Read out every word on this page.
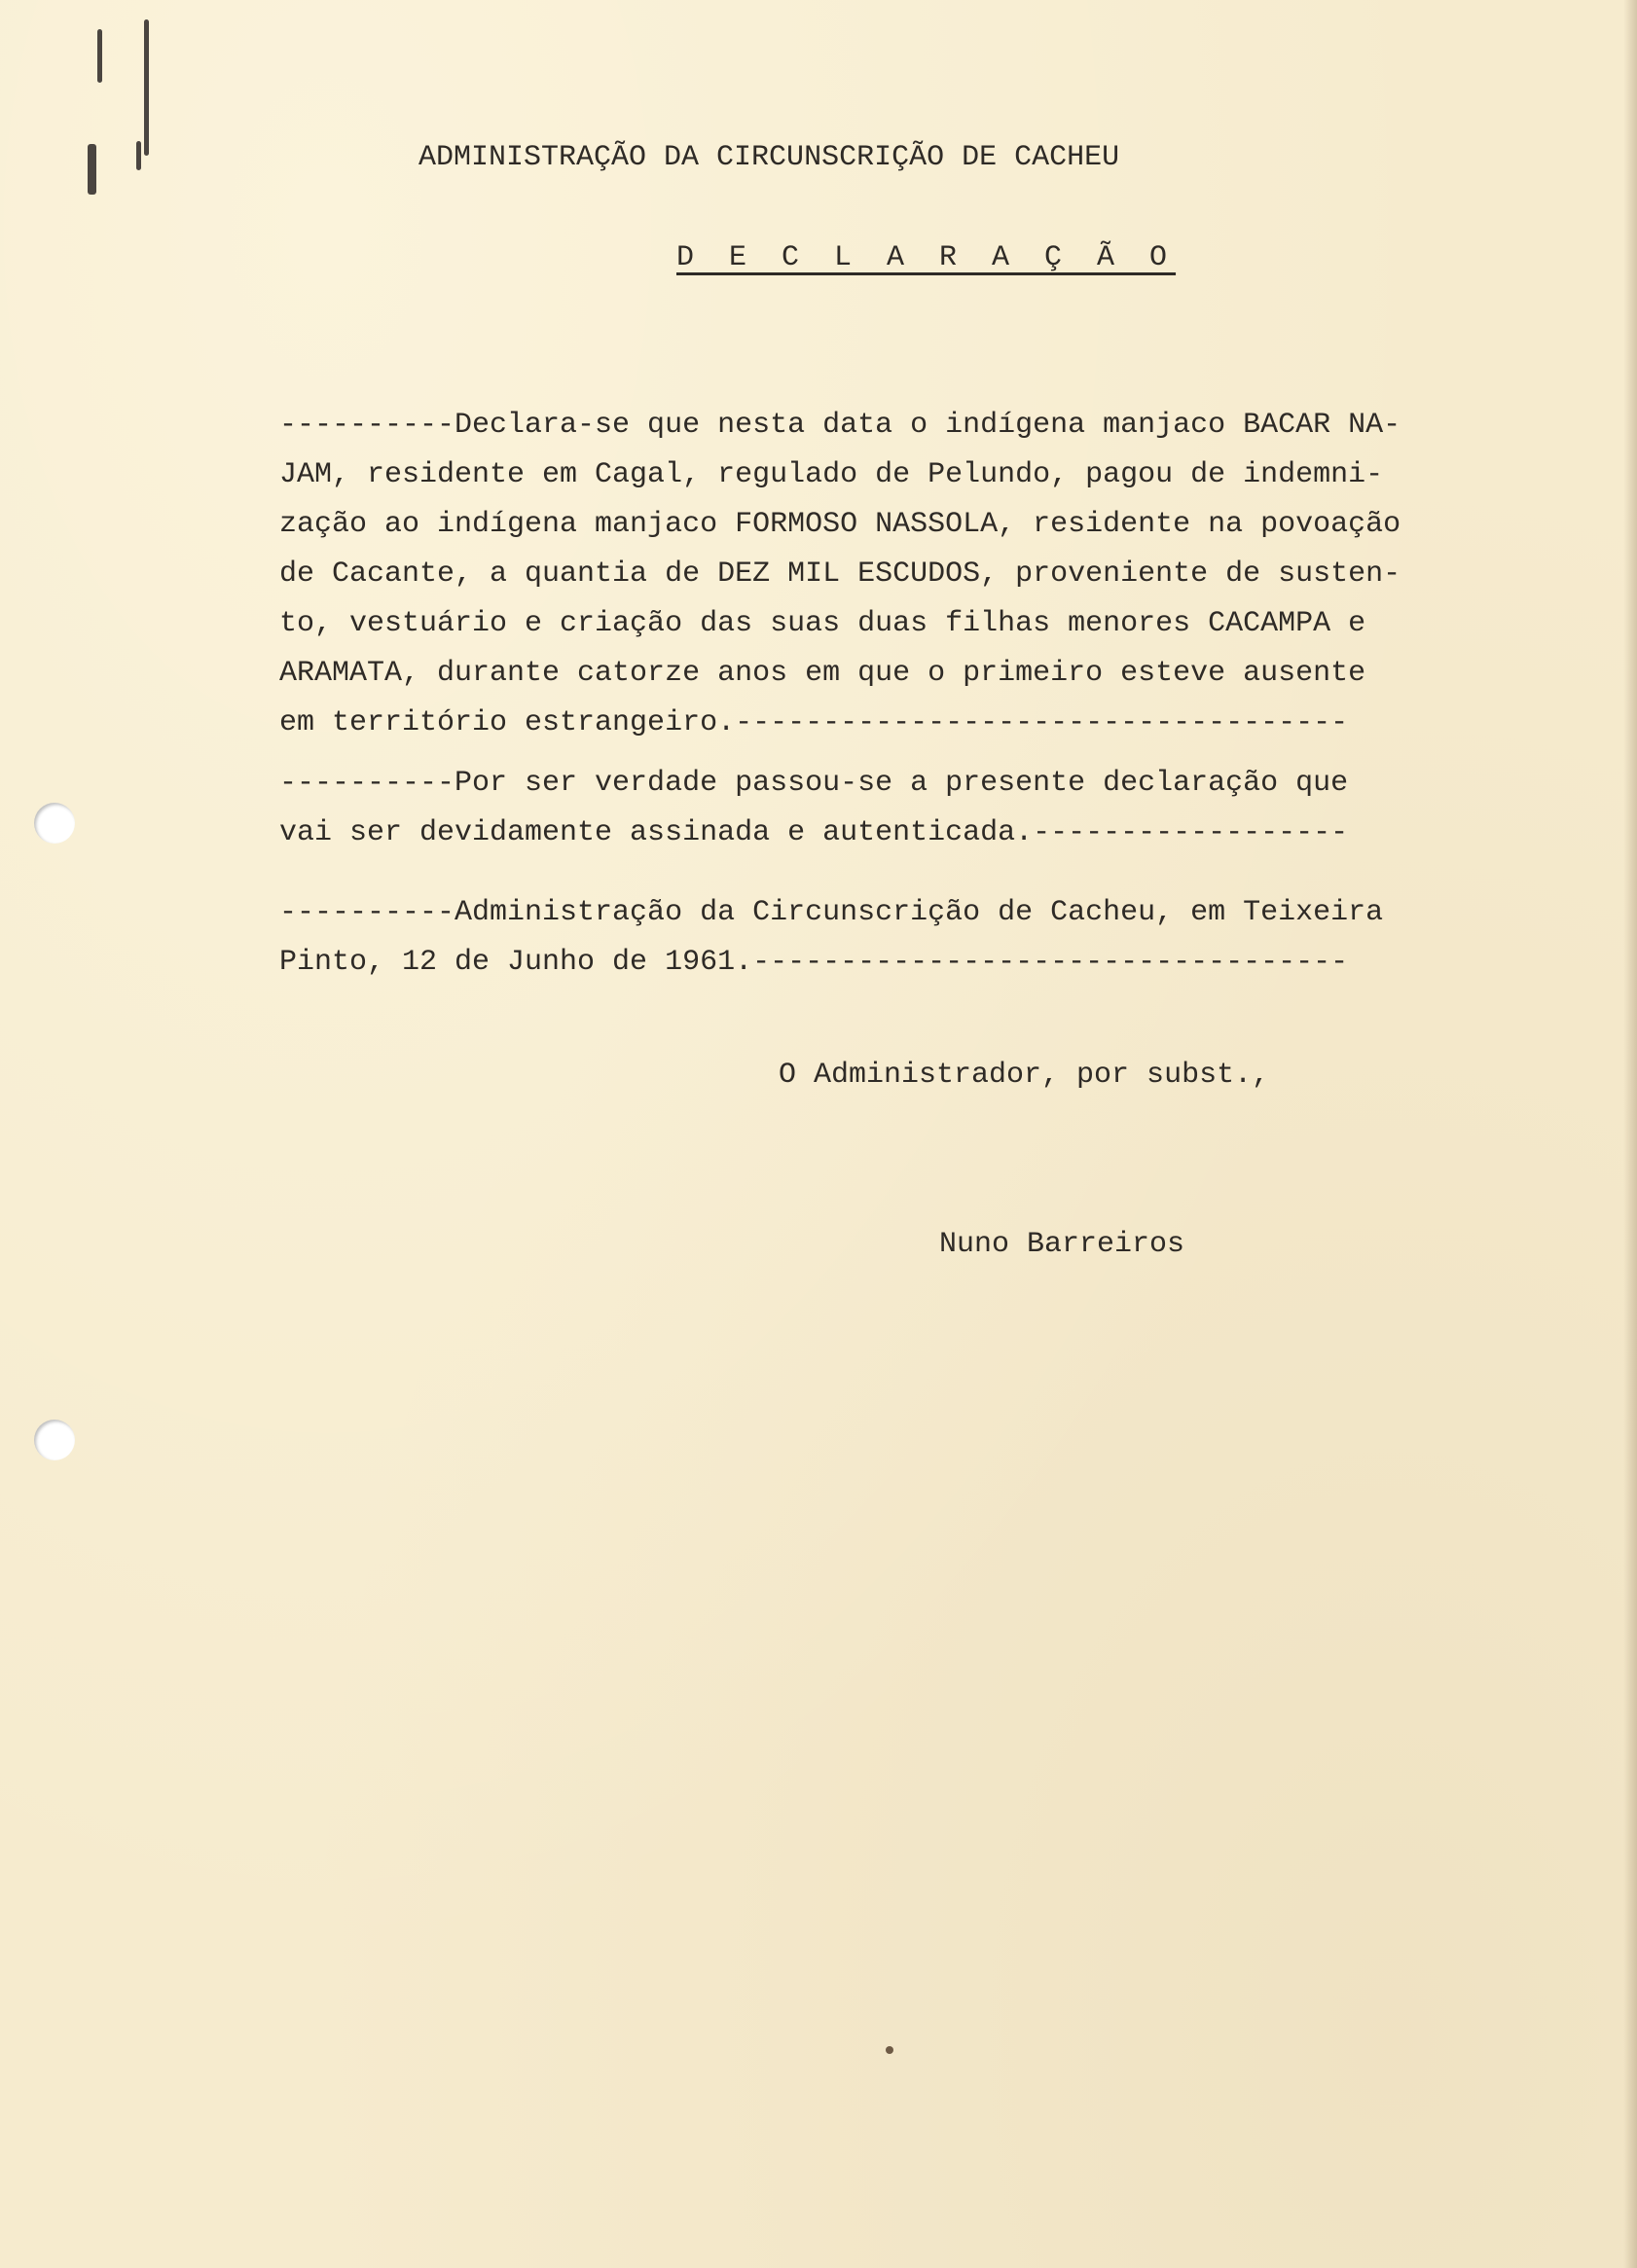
ADMINISTRAÇÃO DA CIRCUNSCRIÇÃO DE CACHEU
D E C L A R A Ç Ã O

----------Declara-se que nesta data o indígena manjaco BACAR NA-
JAM, residente em Cagal, regulado de Pelundo, pagou de indemni-
zação ao indígena manjaco FORMOSO NASSOLA, residente na povoação
de Cacante, a quantia de DEZ MIL ESCUDOS, proveniente de susten-
to, vestuário e criação das suas duas filhas menores CACAMPA e
ARAMATA, durante catorze anos em que o primeiro esteve ausente
em território estrangeiro.-----------------------------------

----------Por ser verdade passou-se a presente declaração que
vai ser devidamente assinada e autenticada.------------------

----------Administração da Circunscrição de Cacheu, em Teixeira
Pinto, 12 de Junho de 1961.----------------------------------

O Administrador, por subst.,
Nuno Barreiros
